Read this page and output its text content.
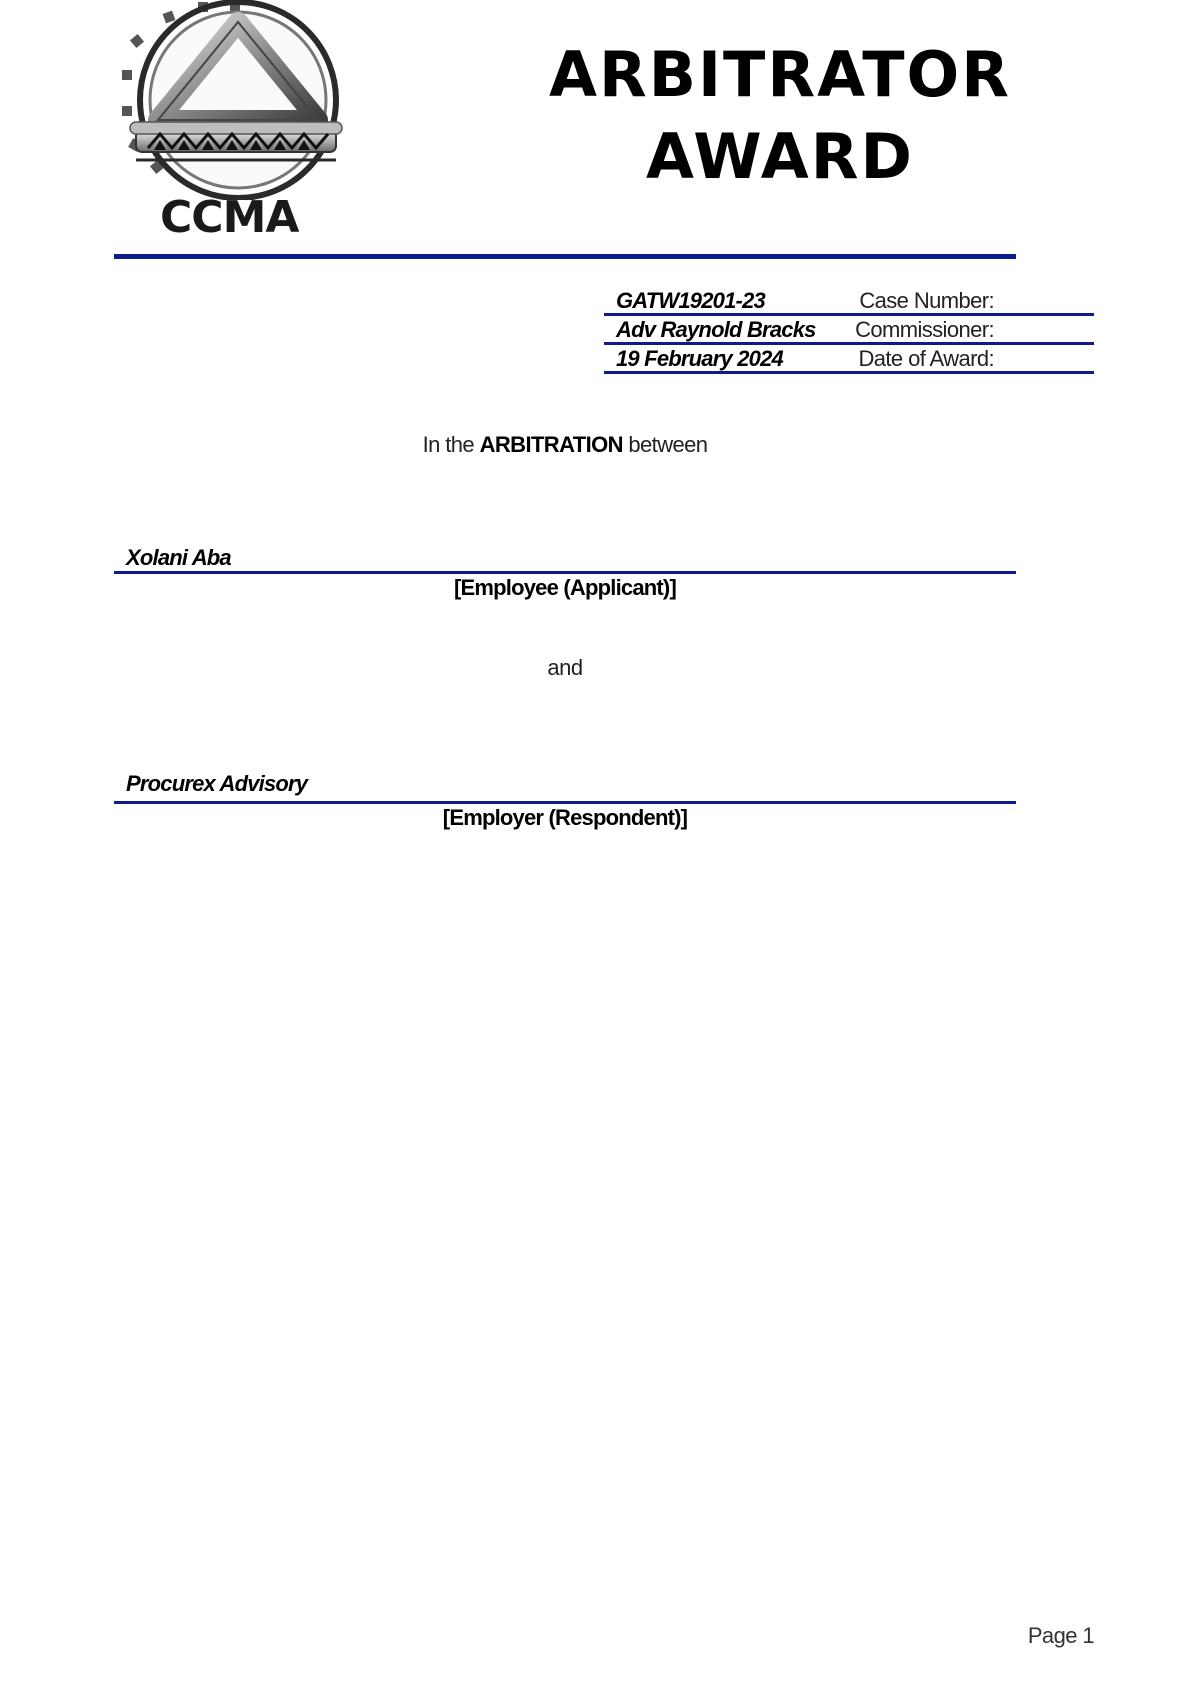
CCMA
ARBITRATOR
AWARD
Case Number:
GATW19201-23
Commissioner:
Adv Raynold Bracks
Date of Award:
19 February 2024
In the ARBITRATION between
Xolani Aba
[Employee (Applicant)]
and
Procurex Advisory
[Employer (Respondent)]
Page 1
